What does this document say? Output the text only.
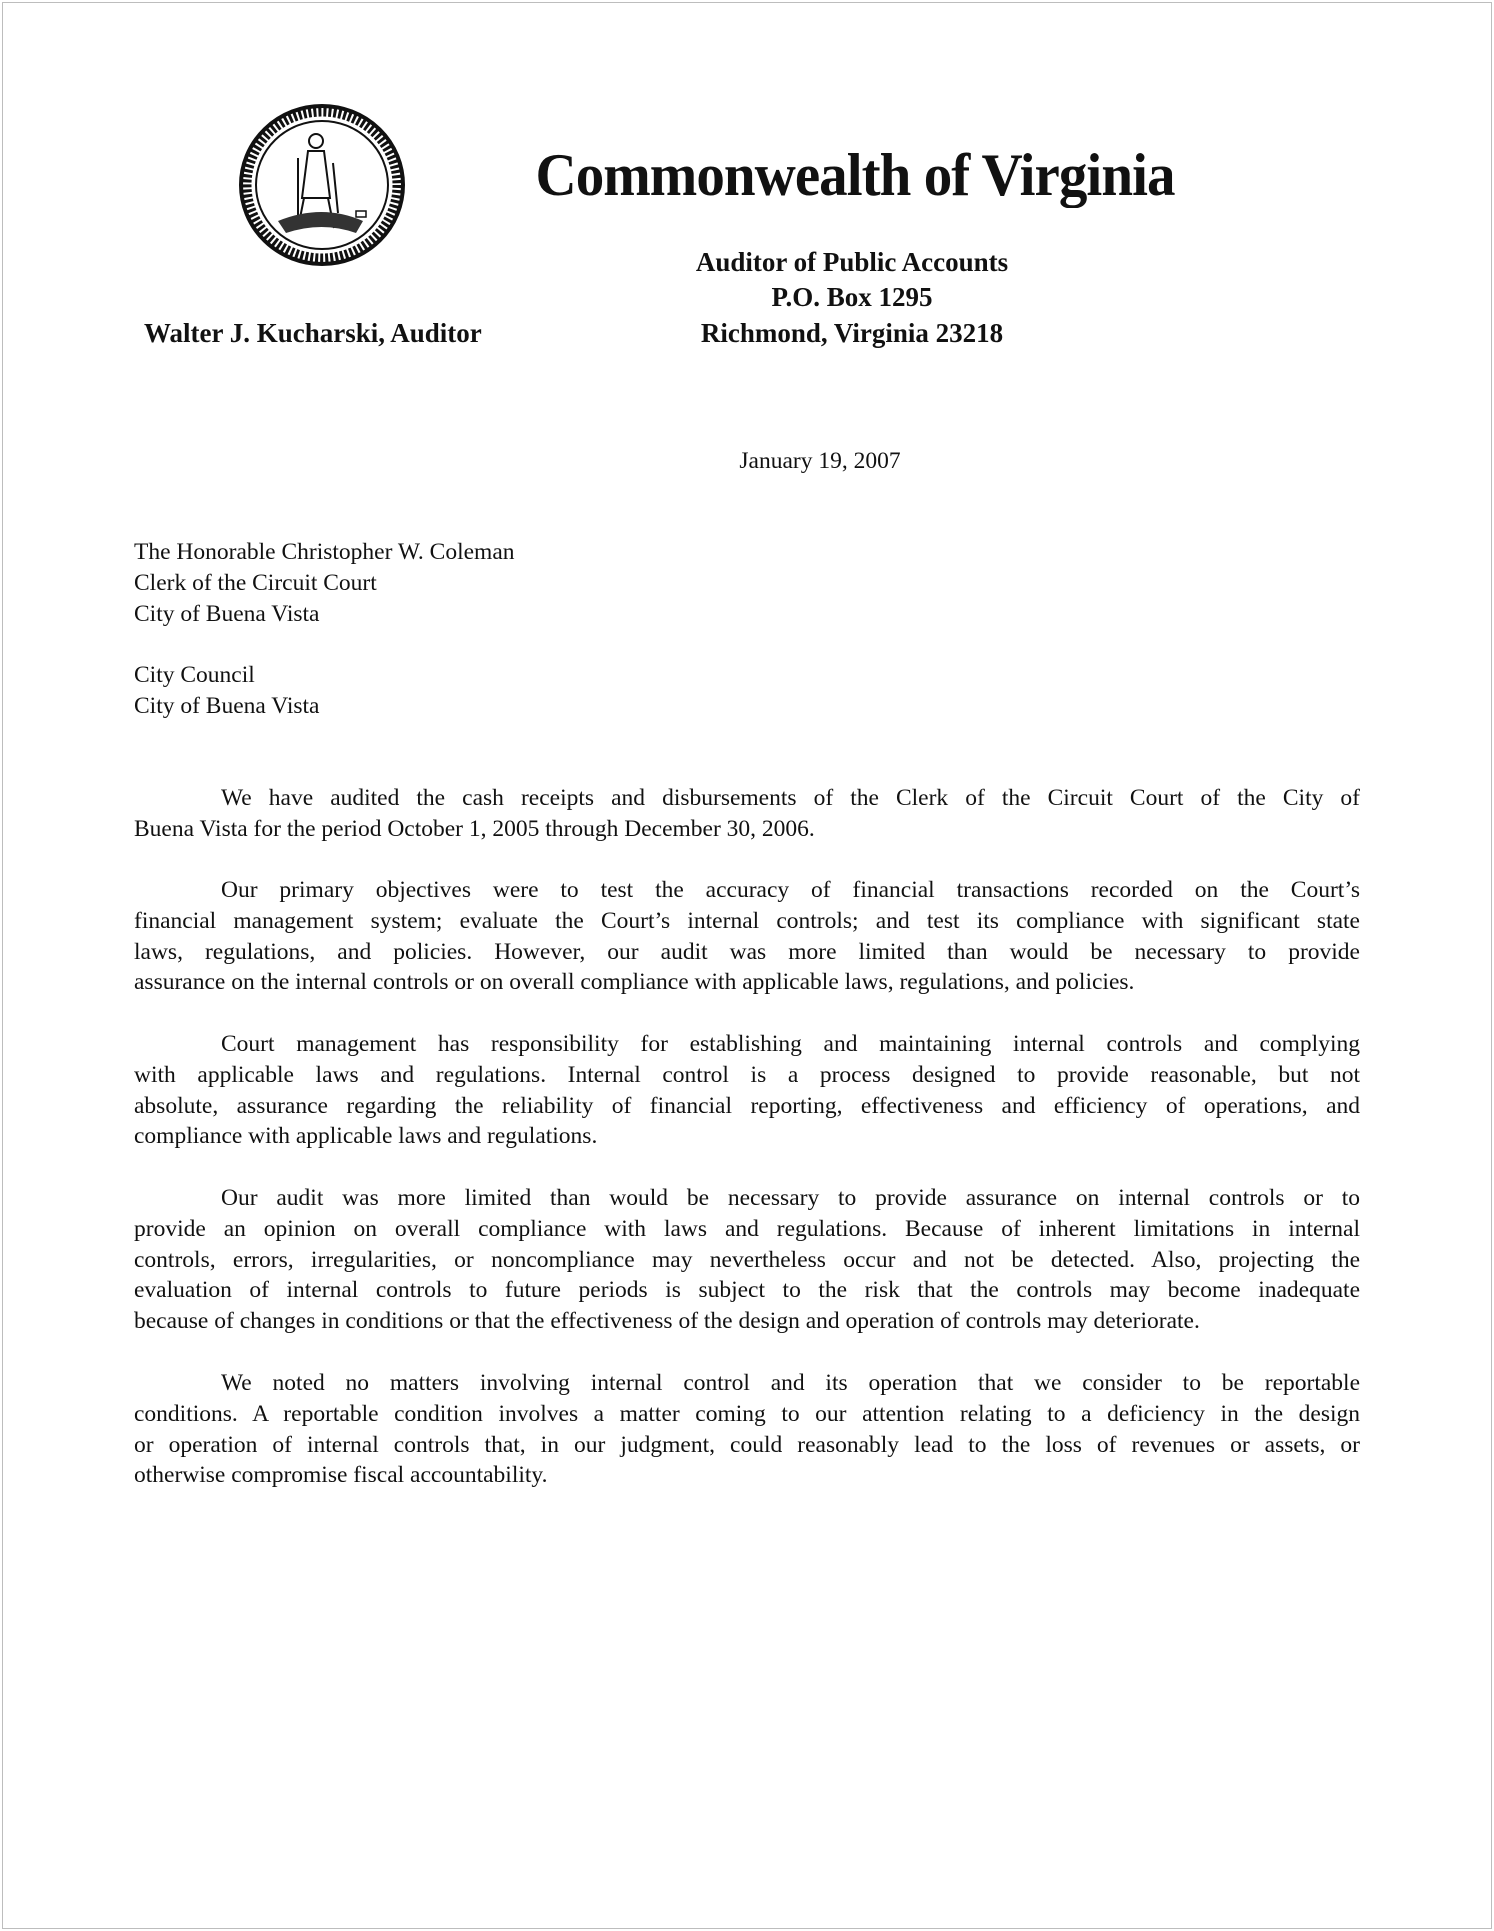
Commonwealth of Virginia
Auditor of Public Accounts
P.O. Box 1295
Richmond, Virginia 23218
Walter J. Kucharski, Auditor
January 19, 2007
The Honorable Christopher W. Coleman
Clerk of the Circuit Court
City of Buena Vista
City Council
City of Buena Vista
We have audited the cash receipts and disbursements of the Clerk of the Circuit Court of the City of
Buena Vista for the period October 1, 2005 through December 30, 2006.
Our primary objectives were to test the accuracy of financial transactions recorded on the Court’s
financial management system; evaluate the Court’s internal controls; and test its compliance with significant state
laws, regulations, and policies. However, our audit was more limited than would be necessary to provide
assurance on the internal controls or on overall compliance with applicable laws, regulations, and policies.
Court management has responsibility for establishing and maintaining internal controls and complying
with applicable laws and regulations. Internal control is a process designed to provide reasonable, but not
absolute, assurance regarding the reliability of financial reporting, effectiveness and efficiency of operations, and
compliance with applicable laws and regulations.
Our audit was more limited than would be necessary to provide assurance on internal controls or to
provide an opinion on overall compliance with laws and regulations. Because of inherent limitations in internal
controls, errors, irregularities, or noncompliance may nevertheless occur and not be detected. Also, projecting the
evaluation of internal controls to future periods is subject to the risk that the controls may become inadequate
because of changes in conditions or that the effectiveness of the design and operation of controls may deteriorate.
We noted no matters involving internal control and its operation that we consider to be reportable
conditions. A reportable condition involves a matter coming to our attention relating to a deficiency in the design
or operation of internal controls that, in our judgment, could reasonably lead to the loss of revenues or assets, or
otherwise compromise fiscal accountability.
